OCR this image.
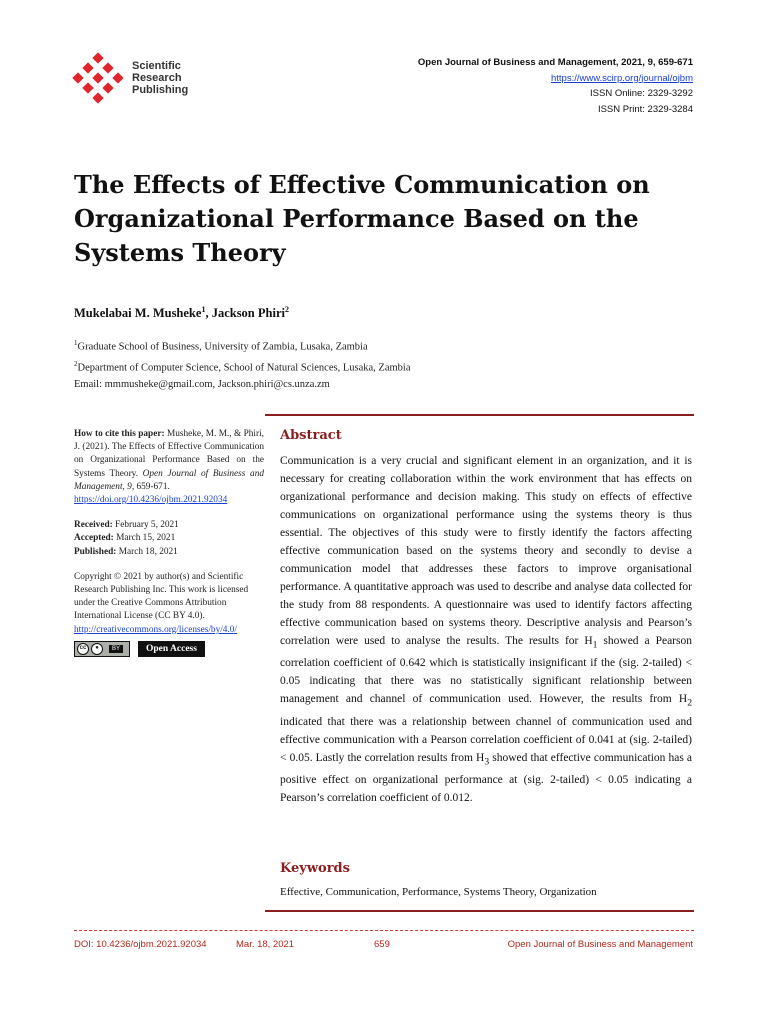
Scientific
Research
Publishing
Open Journal of Business and Management, 2021, 9, 659-671
https://www.scirp.org/journal/ojbm
ISSN Online: 2329-3292
ISSN Print: 2329-3284
The Effects of Effective Communication on Organizational Performance Based on the Systems Theory
Mukelabai M. Musheke$^1$, Jackson Phiri$^2$
$^1$Graduate School of Business, University of Zambia, Lusaka, Zambia
$^2$Department of Computer Science, School of Natural Sciences, Lusaka, Zambia
Email: mmmusheke@gmail.com, Jackson.phiri@cs.unza.zm
How to cite this paper: Musheke, M. M., & Phiri, J. (2021). The Effects of Effective Communication on Organizational Performance Based on the Systems Theory. Open Journal of Business and Management, 9, 659-671.
https://doi.org/10.4236/ojbm.2021.92034
Received: February 5, 2021
Accepted: March 15, 2021
Published: March 18, 2021
Copyright © 2021 by author(s) and Scientific Research Publishing Inc. This work is licensed under the Creative Commons Attribution International License (CC BY 4.0).
http://creativecommons.org/licenses/by/4.0/
cc	●	BY	Open Access
Abstract
Communication is a very crucial and significant element in an organization, and it is necessary for creating collaboration within the work environment that has effects on organizational performance and decision making. This study on effects of effective communications on organizational performance using the systems theory is thus essential. The objectives of this study were to firstly identify the factors affecting effective communication based on the systems theory and secondly to devise a communication model that addresses these factors to improve organisational performance. A quantitative approach was used to describe and analyse data collected for the study from 88 respondents. A questionnaire was used to identify factors affecting effective communication based on systems theory. Descriptive analysis and Pearson’s correlation were used to analyse the results. The results for $H_1$ showed a Pearson correlation coefficient of 0.642 which is statistically insignificant if the (sig. 2-tailed) < 0.05 indicating that there was no statistically significant relationship between management and channel of communication used. However, the results from $H_2$ indicated that there was a relationship between channel of communication used and effective communication with a Pearson correlation coefficient of 0.041 at (sig. 2-tailed) < 0.05. Lastly the correlation results from $H_3$ showed that effective communication has a positive effect on organizational performance at (sig. 2-tailed) < 0.05 indicating a Pearson’s correlation coefficient of 0.012.
Keywords
Effective, Communication, Performance, Systems Theory, Organization
DOI: 10.4236/ojbm.2021.92034	Mar. 18, 2021	659	Open Journal of Business and Management
